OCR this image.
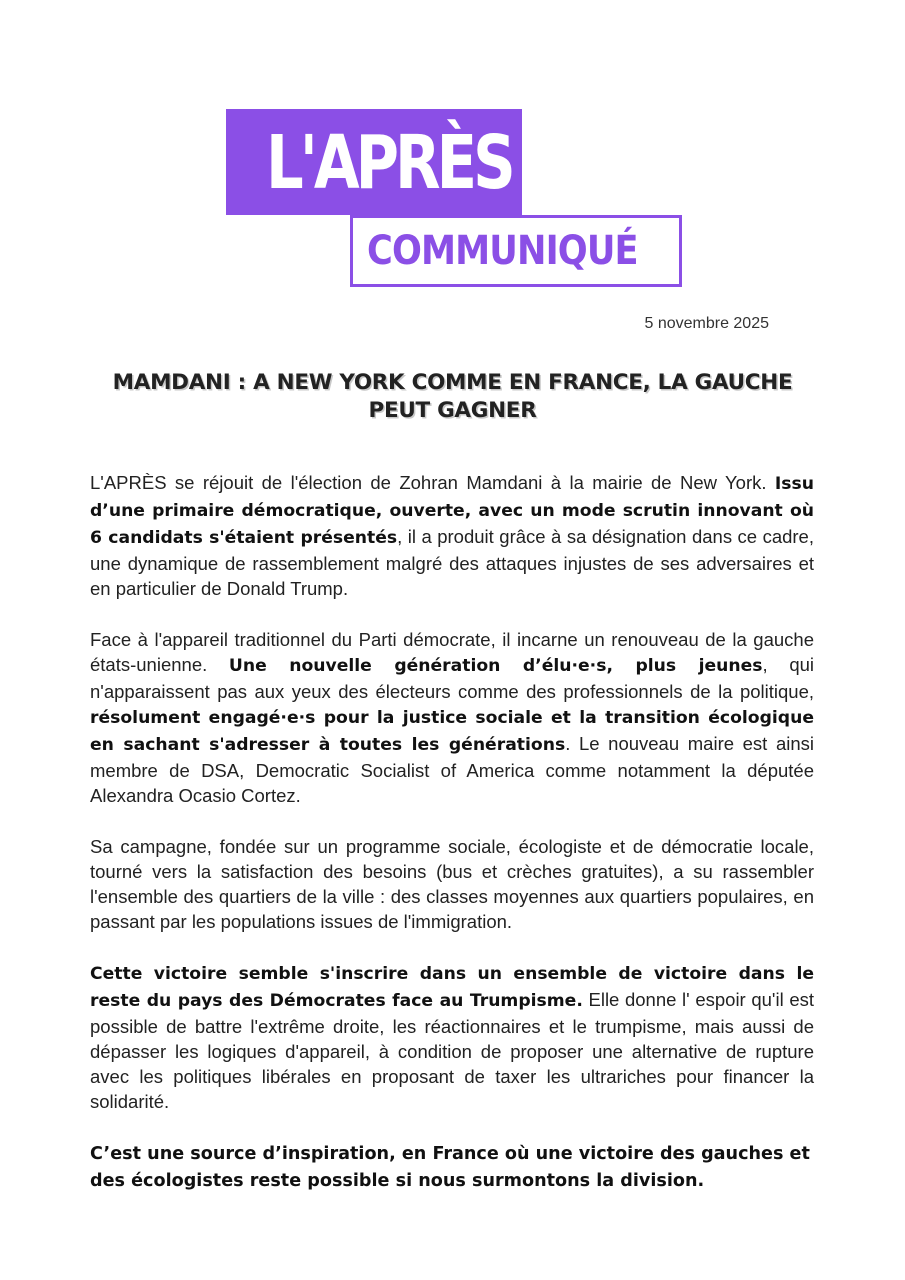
L'APRÈS
COMMUNIQUÉ
5 novembre 2025
MAMDANI : A NEW YORK COMME EN FRANCE, LA GAUCHE PEUT GAGNER

L'APRÈS se réjouit de l'élection de Zohran Mamdani à la mairie de New York. Issu d’une primaire démocratique, ouverte, avec un mode scrutin innovant où 6 candidats s'étaient présentés, il a produit grâce à sa désignation dans ce cadre, une dynamique de rassemblement malgré des attaques injustes de ses adversaires et en particulier de Donald Trump.

Face à l'appareil traditionnel du Parti démocrate, il incarne un renouveau de la gauche états-unienne. Une nouvelle génération d’élu·e·s, plus jeunes, qui n'apparaissent pas aux yeux des électeurs comme des professionnels de la politique, résolument engagé·e·s pour la justice sociale et la transition écologique en sachant s'adresser à toutes les générations. Le nouveau maire est ainsi membre de DSA, Democratic Socialist of America comme notamment la députée Alexandra Ocasio Cortez.

Sa campagne, fondée sur un programme sociale, écologiste et de démocratie locale, tourné vers la satisfaction des besoins (bus et crèches gratuites), a su rassembler l'ensemble des quartiers de la ville : des classes moyennes aux quartiers populaires, en passant par les populations issues de l'immigration.

Cette victoire semble s'inscrire dans un ensemble de victoire dans le reste du pays des Démocrates face au Trumpisme. Elle donne l' espoir qu'il est possible de battre l'extrême droite, les réactionnaires et le trumpisme, mais aussi de dépasser les logiques d'appareil, à condition de proposer une alternative de rupture avec les politiques libérales en proposant de taxer les ultrariches pour financer la solidarité.

C’est une source d’inspiration, en France où une victoire des gauches et des écologistes reste possible si nous surmontons la division.
